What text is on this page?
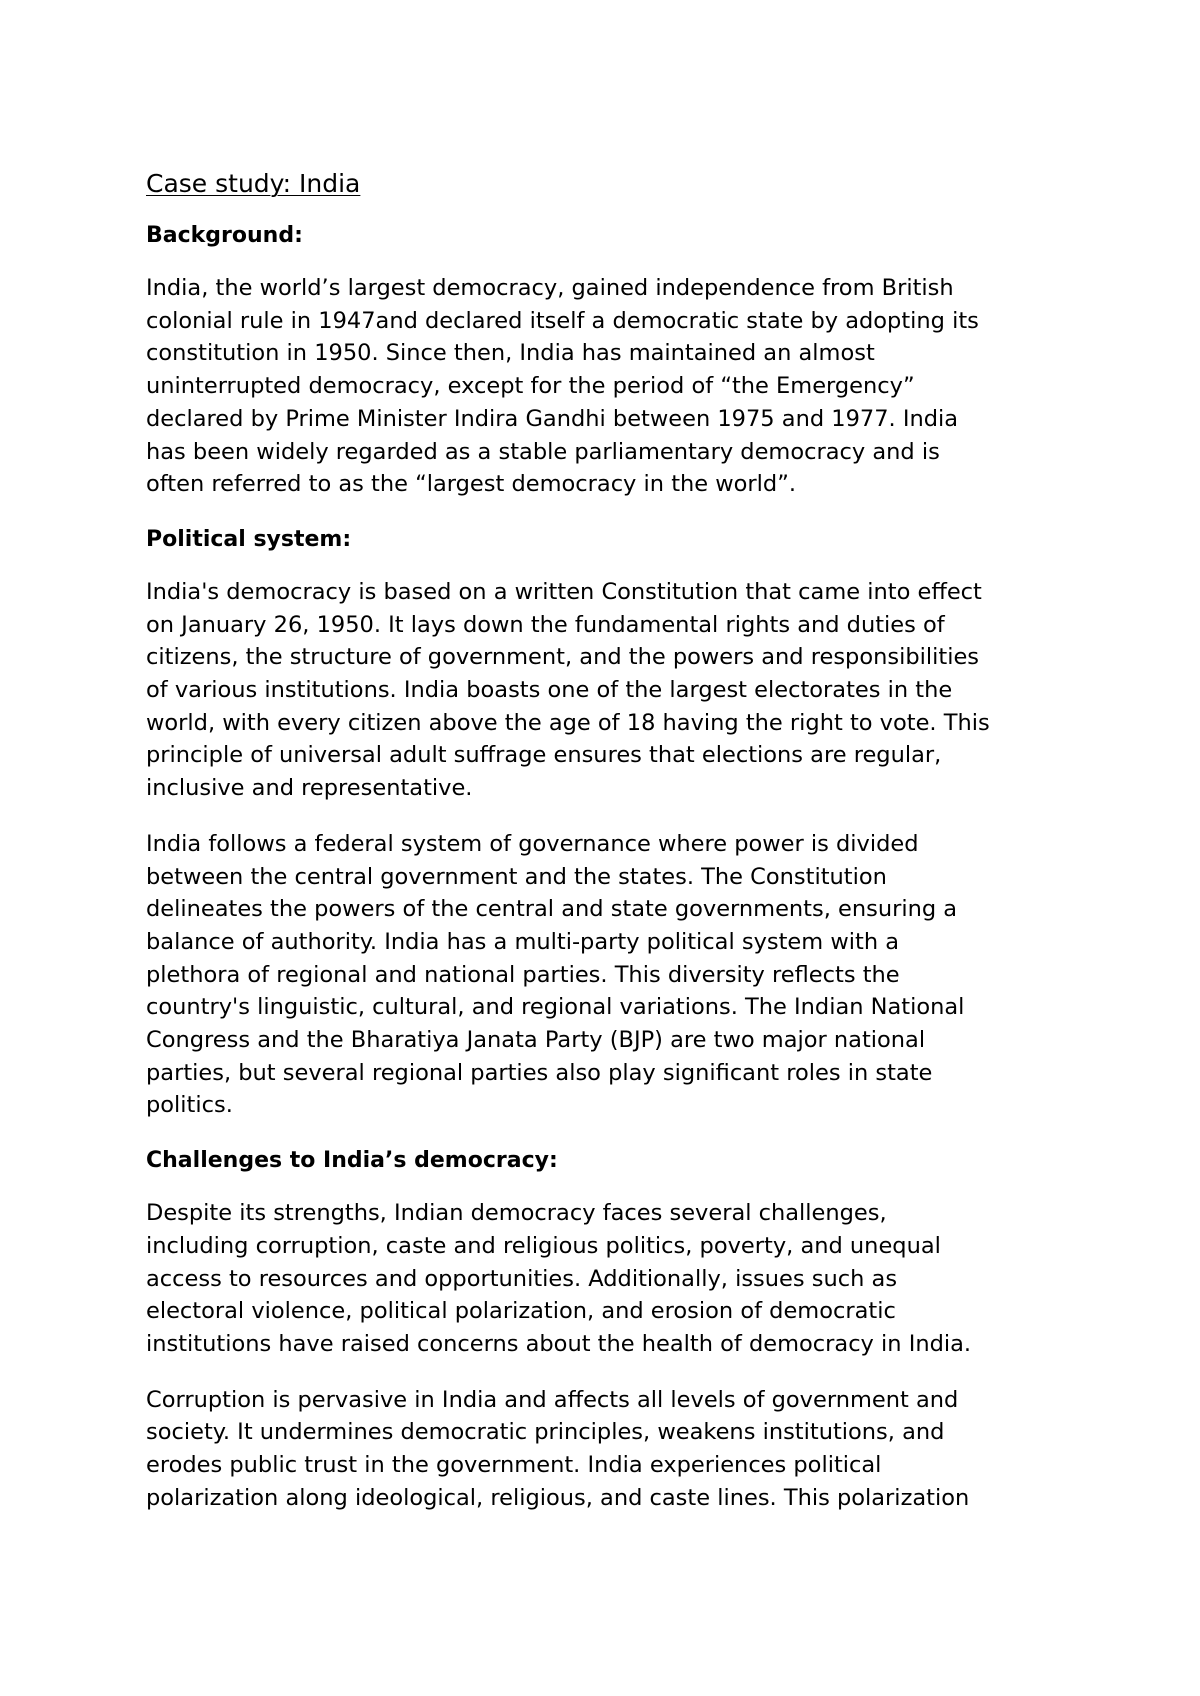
Case study: India
Background:

India, the world’s largest democracy, gained independence from British
colonial rule in 1947and declared itself a democratic state by adopting its
constitution in 1950. Since then, India has maintained an almost
uninterrupted democracy, except for the period of “the Emergency”
declared by Prime Minister Indira Gandhi between 1975 and 1977. India
has been widely regarded as a stable parliamentary democracy and is
often referred to as the “largest democracy in the world”.

Political system:

India's democracy is based on a written Constitution that came into effect
on January 26, 1950. It lays down the fundamental rights and duties of
citizens, the structure of government, and the powers and responsibilities
of various institutions. India boasts one of the largest electorates in the
world, with every citizen above the age of 18 having the right to vote. This
principle of universal adult suffrage ensures that elections are regular,
inclusive and representative.

India follows a federal system of governance where power is divided
between the central government and the states. The Constitution
delineates the powers of the central and state governments, ensuring a
balance of authority. India has a multi-party political system with a
plethora of regional and national parties. This diversity reflects the
country's linguistic, cultural, and regional variations. The Indian National
Congress and the Bharatiya Janata Party (BJP) are two major national
parties, but several regional parties also play significant roles in state
politics.

Challenges to India’s democracy:

Despite its strengths, Indian democracy faces several challenges,
including corruption, caste and religious politics, poverty, and unequal
access to resources and opportunities. Additionally, issues such as
electoral violence, political polarization, and erosion of democratic
institutions have raised concerns about the health of democracy in India.

Corruption is pervasive in India and affects all levels of government and
society. It undermines democratic principles, weakens institutions, and
erodes public trust in the government. India experiences political
polarization along ideological, religious, and caste lines. This polarization
